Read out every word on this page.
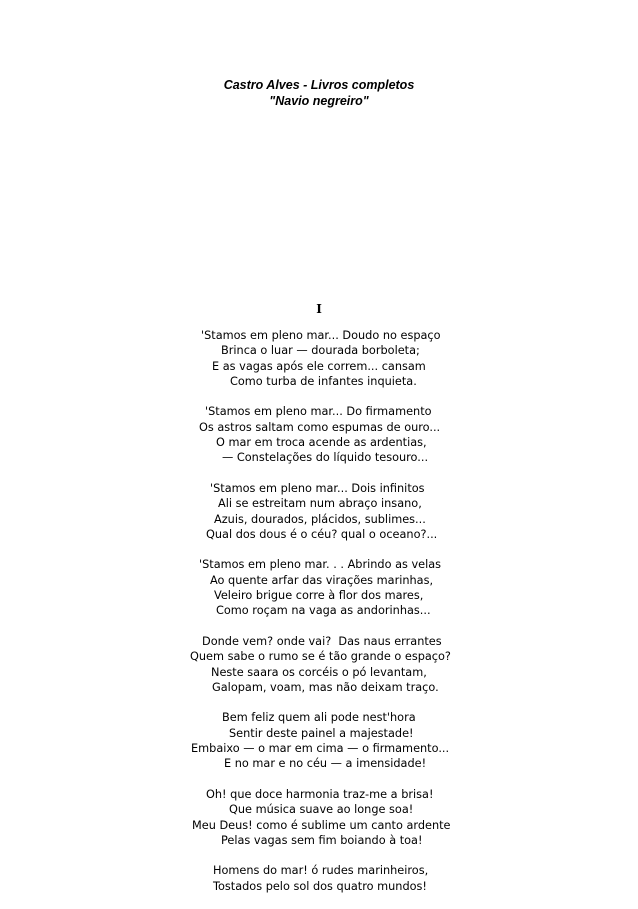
Castro Alves - Livros completos
"Navio negreiro"
I
'Stamos em pleno mar... Doudo no espaço
Brinca o luar — dourada borboleta;
E as vagas após ele correm... cansam
Como turba de infantes inquieta.
'Stamos em pleno mar... Do firmamento
Os astros saltam como espumas de ouro...
O mar em troca acende as ardentias,
— Constelações do líquido tesouro...
'Stamos em pleno mar... Dois infinitos
Ali se estreitam num abraço insano,
Azuis, dourados, plácidos, sublimes...
Qual dos dous é o céu? qual o oceano?...
'Stamos em pleno mar. . . Abrindo as velas
Ao quente arfar das virações marinhas,
Veleiro brigue corre à flor dos mares,
Como roçam na vaga as andorinhas...
Donde vem? onde vai?  Das naus errantes
Quem sabe o rumo se é tão grande o espaço?
Neste saara os corcéis o pó levantam,
Galopam, voam, mas não deixam traço.
Bem feliz quem ali pode nest'hora
Sentir deste painel a majestade!
Embaixo — o mar em cima — o firmamento...
E no mar e no céu — a imensidade!
Oh! que doce harmonia traz-me a brisa!
Que música suave ao longe soa!
Meu Deus! como é sublime um canto ardente
Pelas vagas sem fim boiando à toa!
Homens do mar! ó rudes marinheiros,
Tostados pelo sol dos quatro mundos!
